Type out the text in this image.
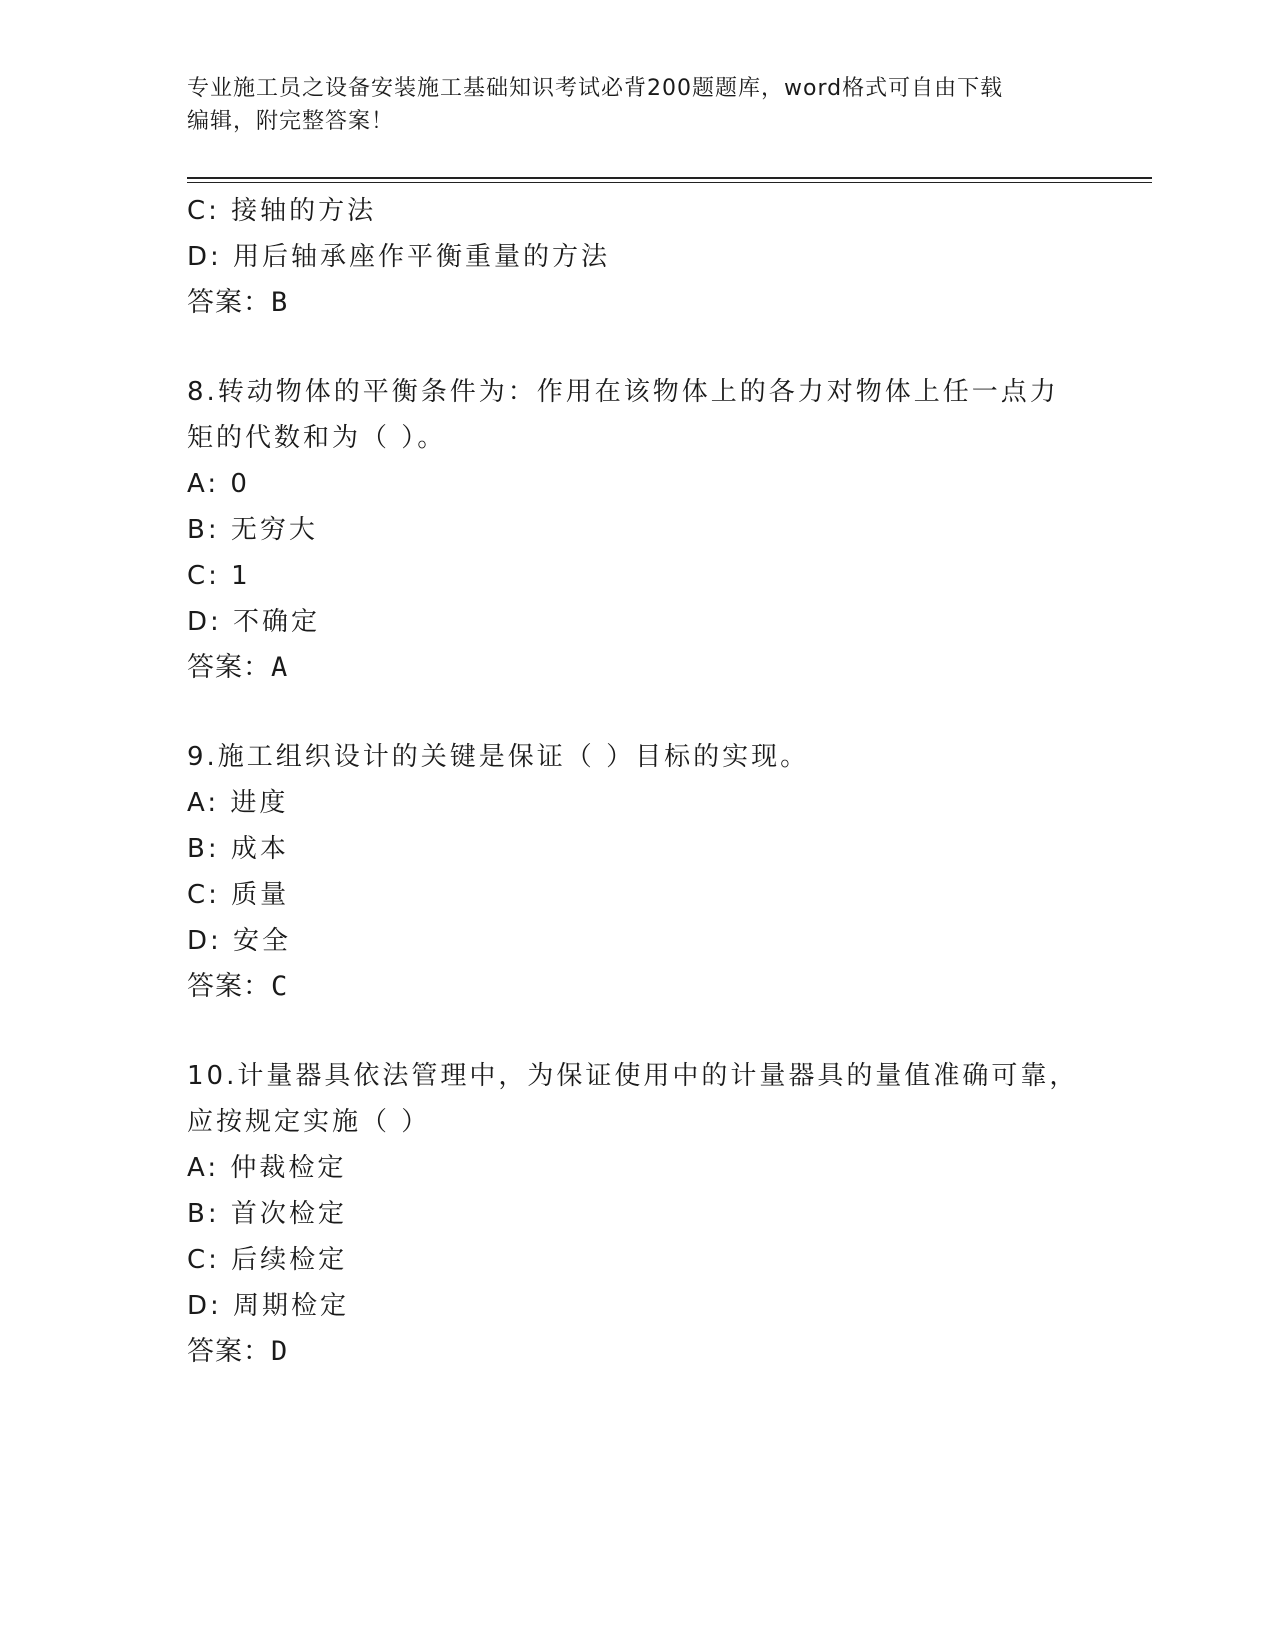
专业施工员之设备安装施工基础知识考试必背200题题库，word格式可自由下载
编辑，附完整答案！
C: 接轴的方法
D: 用后轴承座作平衡重量的方法
答案：B
8.转动物体的平衡条件为：作用在该物体上的各力对物体上任一点力
矩的代数和为（ ）。
A: 0
B: 无穷大
C: 1
D: 不确定
答案：A
9.施工组织设计的关键是保证（ ）目标的实现。
A: 进度
B: 成本
C: 质量
D: 安全
答案：C
10.计量器具依法管理中，为保证使用中的计量器具的量值准确可靠，
应按规定实施（ ）
A: 仲裁检定
B: 首次检定
C: 后续检定
D: 周期检定
答案：D
